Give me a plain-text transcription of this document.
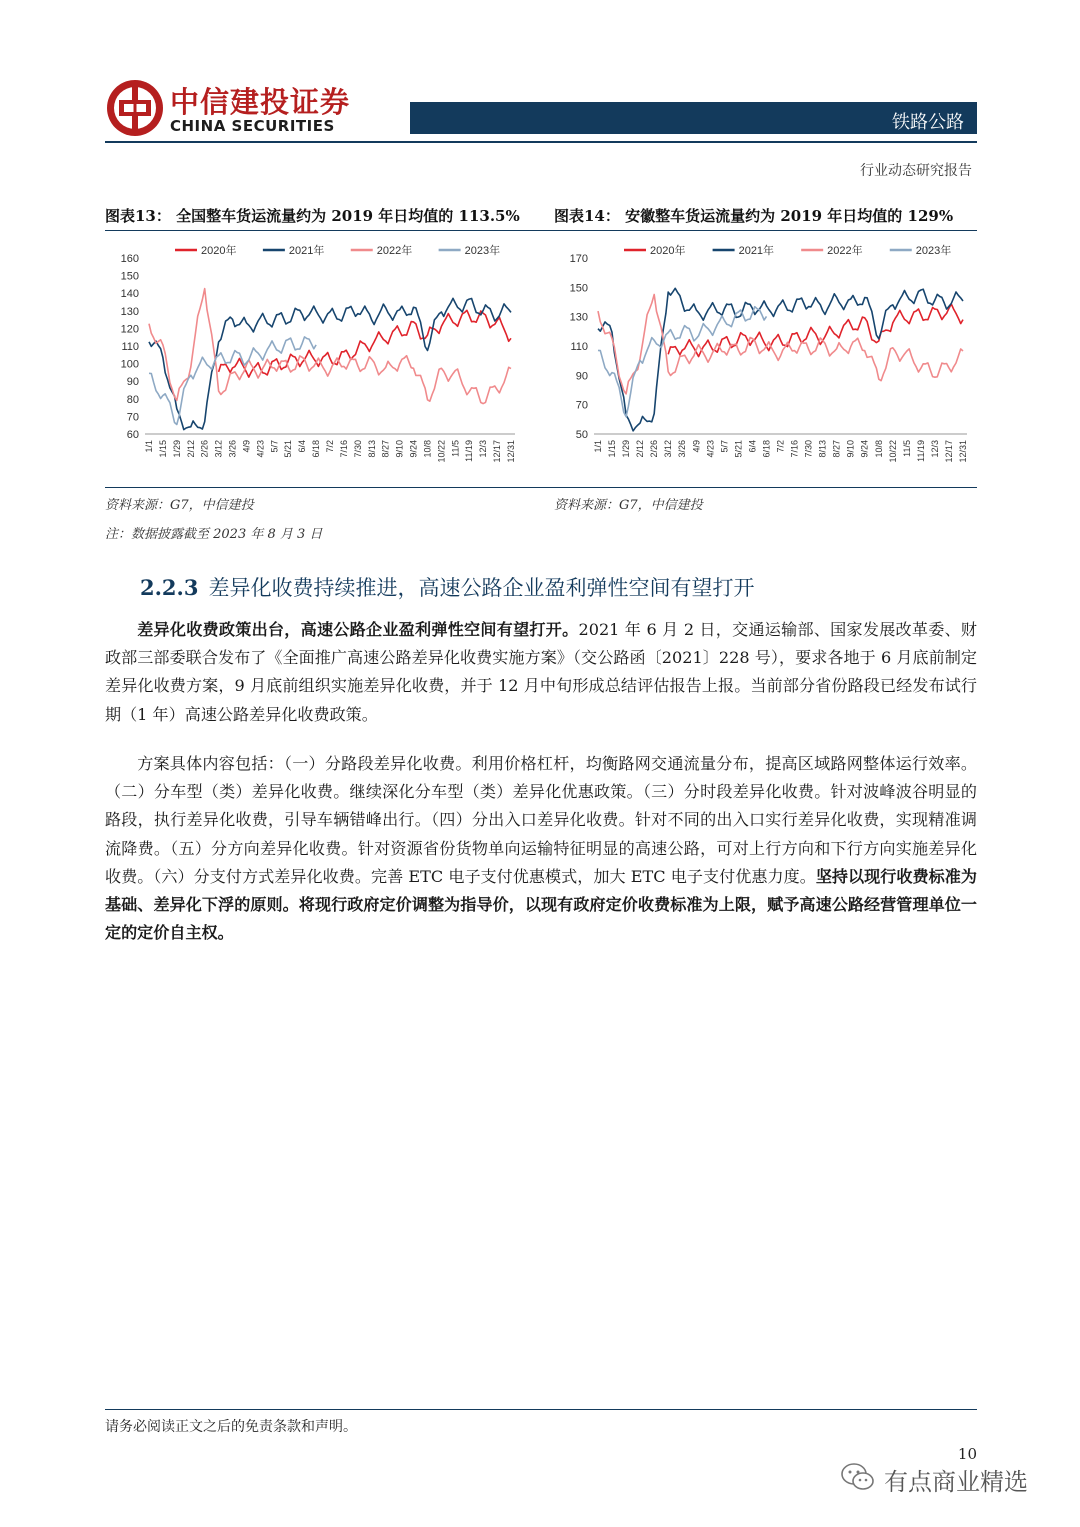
中信建投证券
CHINA SECURITIES	铁路公路
行业动态研究报告
图表13： 全国整车货运流量约为 2019 年日均值的 113.5% 图表14： 安徽整车货运流量约为 2019 年日均值的 129%
2020年	2021年	2022年	2023年
60
70
80
90
100
110
120
130
140
150
160
1/1 1/15 1/29 2/12 2/26 3/12 3/26 4/9 4/23 5/7 5/21 6/4 6/18 7/2 7/16 7/30 8/13 8/27 9/10 9/24 10/8 10/22 11/5 11/19 12/3 12/17 12/31
2020年	2021年	2022年	2023年
50
70
90
110
130
150
170
1/1 1/15 1/29 2/12 2/26 3/12 3/26 4/9 4/23 5/7 5/21 6/4 6/18 7/2 7/16 7/30 8/13 8/27 9/10 9/24 10/8 10/22 11/5 11/19 12/3 12/17 12/31
资料来源：G7，中信建投	资料来源：G7，中信建投
注：数据披露截至 2023 年 8 月 3 日
2.2.3 差异化收费持续推进，高速公路企业盈利弹性空间有望打开
差异化收费政策出台，高速公路企业盈利弹性空间有望打开。2021 年 6 月 2 日，交通运输部、国家发展改革委、财政部三部委联合发布了《全面推广高速公路差异化收费实施方案》（交公路函〔2021〕228 号），要求各地于 6 月底前制定差异化收费方案，9 月底前组织实施差异化收费，并于 12 月中旬形成总结评估报告上报。当前部分省份路段已经发布试行期（1 年）高速公路差异化收费政策。
方案具体内容包括：（一）分路段差异化收费。利用价格杠杆，均衡路网交通流量分布，提高区域路网整体运行效率。（二）分车型（类）差异化收费。继续深化分车型（类）差异化优惠政策。（三）分时段差异化收费。针对波峰波谷明显的路段，执行差异化收费，引导车辆错峰出行。（四）分出入口差异化收费。针对不同的出入口实行差异化收费，实现精准调流降费。（五）分方向差异化收费。针对资源省份货物单向运输特征明显的高速公路，可对上行方向和下行方向实施差异化收费。（六）分支付方式差异化收费。完善 ETC 电子支付优惠模式，加大 ETC 电子支付优惠力度。坚持以现行收费标准为基础、差异化下浮的原则。将现行政府定价调整为指导价，以现有政府定价收费标准为上限，赋予高速公路经营管理单位一定的定价自主权。
请务必阅读正文之后的免责条款和声明。
10
有点商业精选
